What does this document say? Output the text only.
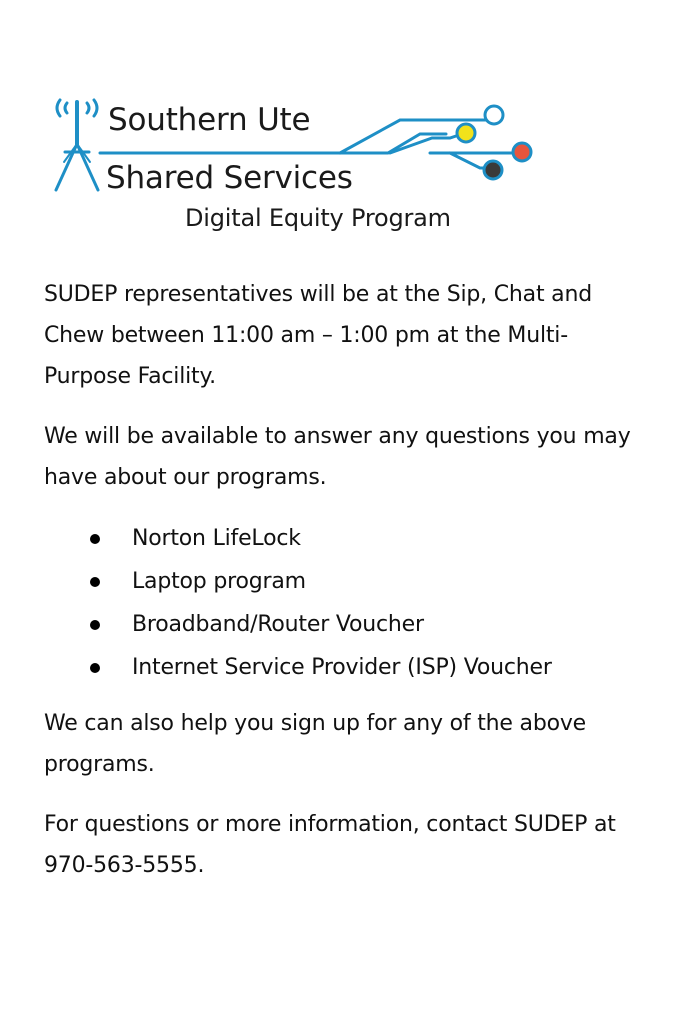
Southern Ute
Shared Services
Digital Equity Program

SUDEP representatives will be at the Sip, Chat and Chew between 11:00 am – 1:00 pm at the Multi-Purpose Facility.

We will be available to answer any questions you may have about our programs.

Norton LifeLock
Laptop program
Broadband/Router Voucher
Internet Service Provider (ISP) Voucher

We can also help you sign up for any of the above programs.

For questions or more information, contact SUDEP at 970-563-5555.
